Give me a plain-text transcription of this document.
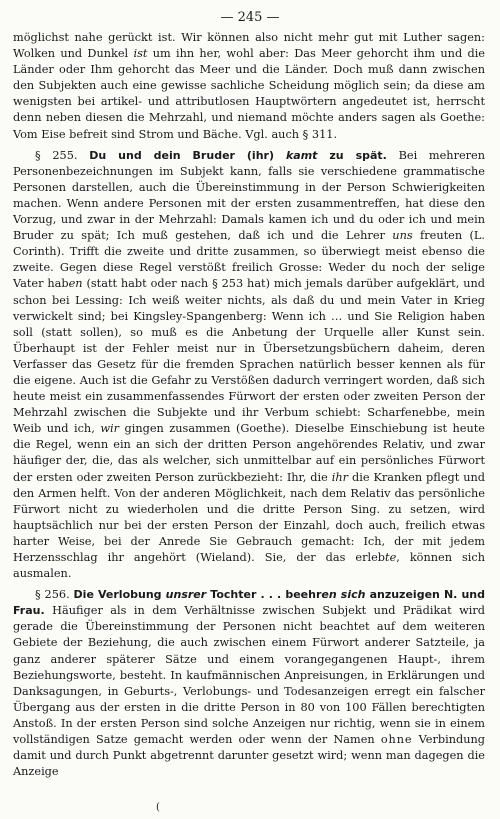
— 245 —

möglichst nahe gerückt ist. Wir können also nicht mehr gut mit Luther sagen: Wolken und Dunkel ist um ihn her, wohl aber: Das Meer gehorcht ihm und die Länder oder Ihm gehorcht das Meer und die Länder. Doch muß dann zwischen den Subjekten auch eine gewisse sachliche Scheidung möglich sein; da diese am wenigsten bei artikel- und attributlosen Hauptwörtern angedeutet ist, herrscht denn neben diesen die Mehrzahl, und niemand möchte anders sagen als Goethe: Vom Eise befreit sind Strom und Bäche. Vgl. auch § 311.

§ 255. Du und dein Bruder (ihr) kamt zu spät. Bei mehreren Personenbezeichnungen im Subjekt kann, falls sie verschiedene grammatische Personen darstellen, auch die Übereinstimmung in der Person Schwierigkeiten machen. Wenn andere Personen mit der ersten zusammentreffen, hat diese den Vorzug, und zwar in der Mehrzahl: Damals kamen ich und du oder ich und mein Bruder zu spät; Ich muß gestehen, daß ich und die Lehrer uns freuten (L. Corinth). Trifft die zweite und dritte zusammen, so überwiegt meist ebenso die zweite. Gegen diese Regel verstößt freilich Grosse: Weder du noch der selige Vater haben (statt habt oder nach § 253 hat) mich jemals darüber aufgeklärt, und schon bei Lessing: Ich weiß weiter nichts, als daß du und mein Vater in Krieg verwickelt sind; bei Kingsley-Spangenberg: Wenn ich … und Sie Religion haben soll (statt sollen), so muß es die Anbetung der Urquelle aller Kunst sein. Überhaupt ist der Fehler meist nur in Übersetzungsbüchern daheim, deren Verfasser das Gesetz für die fremden Sprachen natürlich besser kennen als für die eigene. Auch ist die Gefahr zu Verstößen dadurch verringert worden, daß sich heute meist ein zusammenfassendes Fürwort der ersten oder zweiten Person der Mehrzahl zwischen die Subjekte und ihr Verbum schiebt: Scharfenebbe, mein Weib und ich, wir gingen zusammen (Goethe). Dieselbe Einschiebung ist heute die Regel, wenn ein an sich der dritten Person angehörendes Relativ, und zwar häufiger der, die, das als welcher, sich unmittelbar auf ein persönliches Fürwort der ersten oder zweiten Person zurückbezieht: Ihr, die ihr die Kranken pflegt und den Armen helft. Von der anderen Möglichkeit, nach dem Relativ das persönliche Fürwort nicht zu wiederholen und die dritte Person Sing. zu setzen, wird hauptsächlich nur bei der ersten Person der Einzahl, doch auch, freilich etwas harter Weise, bei der Anrede Sie Gebrauch gemacht: Ich, der mit jedem Herzensschlag ihr angehört (Wieland). Sie, der das erlebte, können sich ausmalen.

§ 256. Die Verlobung unsrer Tochter . . . beehren sich anzuzeigen N. und Frau. Häufiger als in dem Verhältnisse zwischen Subjekt und Prädikat wird gerade die Übereinstimmung der Personen nicht beachtet auf dem weiteren Gebiete der Beziehung, die auch zwischen einem Fürwort anderer Satzteile, ja ganz anderer späterer Sätze und einem vorangegangenen Haupt-, ihrem Beziehungsworte, besteht. In kaufmännischen Anpreisungen, in Erklärungen und Danksagungen, in Geburts-, Verlobungs- und Todesanzeigen erregt ein falscher Übergang aus der ersten in die dritte Person in 80 von 100 Fällen berechtigten Anstoß. In der ersten Person sind solche Anzeigen nur richtig, wenn sie in einem vollständigen Satze gemacht werden oder wenn der Namen ohne Verbindung damit und durch Punkt abgetrennt darunter gesetzt wird; wenn man dagegen die Anzeige

(
